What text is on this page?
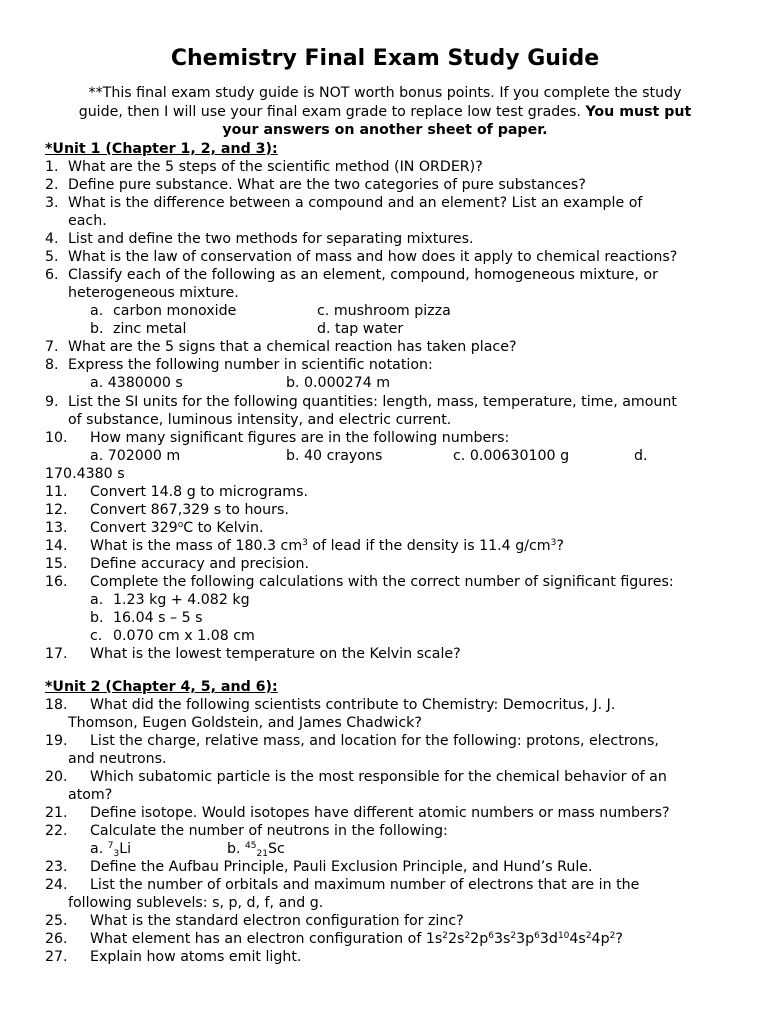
Chemistry Final Exam Study Guide
**This final exam study guide is NOT worth bonus points. If you complete the study
guide, then I will use your final exam grade to replace low test grades. You must put
your answers on another sheet of paper.
*Unit 1 (Chapter 1, 2, and 3):
1. What are the 5 steps of the scientific method (IN ORDER)?
2. Define pure substance. What are the two categories of pure substances?
3. What is the difference between a compound and an element? List an example of
each.
4. List and define the two methods for separating mixtures.
5. What is the law of conservation of mass and how does it apply to chemical reactions?
6. Classify each of the following as an element, compound, homogeneous mixture, or
heterogeneous mixture.
a. carbon monoxide	c. mushroom pizza
b. zinc metal	d. tap water
7. What are the 5 signs that a chemical reaction has taken place?
8. Express the following number in scientific notation:
a. 4380000 s	b. 0.000274 m
9. List the SI units for the following quantities: length, mass, temperature, time, amount
of substance, luminous intensity, and electric current.
10. How many significant figures are in the following numbers:
a. 702000 m	b. 40 crayons	c. 0.00630100 g	d.
170.4380 s
11. Convert 14.8 g to micrograms.
12. Convert 867,329 s to hours.
13. Convert 329$^o$C to Kelvin.
14. What is the mass of 180.3 $cm^3$ of lead if the density is 11.4 $g/cm^3$?
15. Define accuracy and precision.
16. Complete the following calculations with the correct number of significant figures:
a. 1.23 kg + 4.082 kg
b. 16.04 s – 5 s
c. 0.070 cm x 1.08 cm
17. What is the lowest temperature on the Kelvin scale?
*Unit 2 (Chapter 4, 5, and 6):
18. What did the following scientists contribute to Chemistry: Democritus, J. J.
Thomson, Eugen Goldstein, and James Chadwick?
19. List the charge, relative mass, and location for the following: protons, electrons,
and neutrons.
20. Which subatomic particle is the most responsible for the chemical behavior of an
atom?
21. Define isotope. Would isotopes have different atomic numbers or mass numbers?
22. Calculate the number of neutrons in the following:
a. $^7_3$Li	b. $^{45}_{21}$Sc
23. Define the Aufbau Principle, Pauli Exclusion Principle, and Hund’s Rule.
24. List the number of orbitals and maximum number of electrons that are in the
following sublevels: s, p, d, f, and g.
25. What is the standard electron configuration for zinc?
26. What element has an electron configuration of $1s^22s^22p^63s^23p^63d^{10}4s^24p^2$?
27. Explain how atoms emit light.
